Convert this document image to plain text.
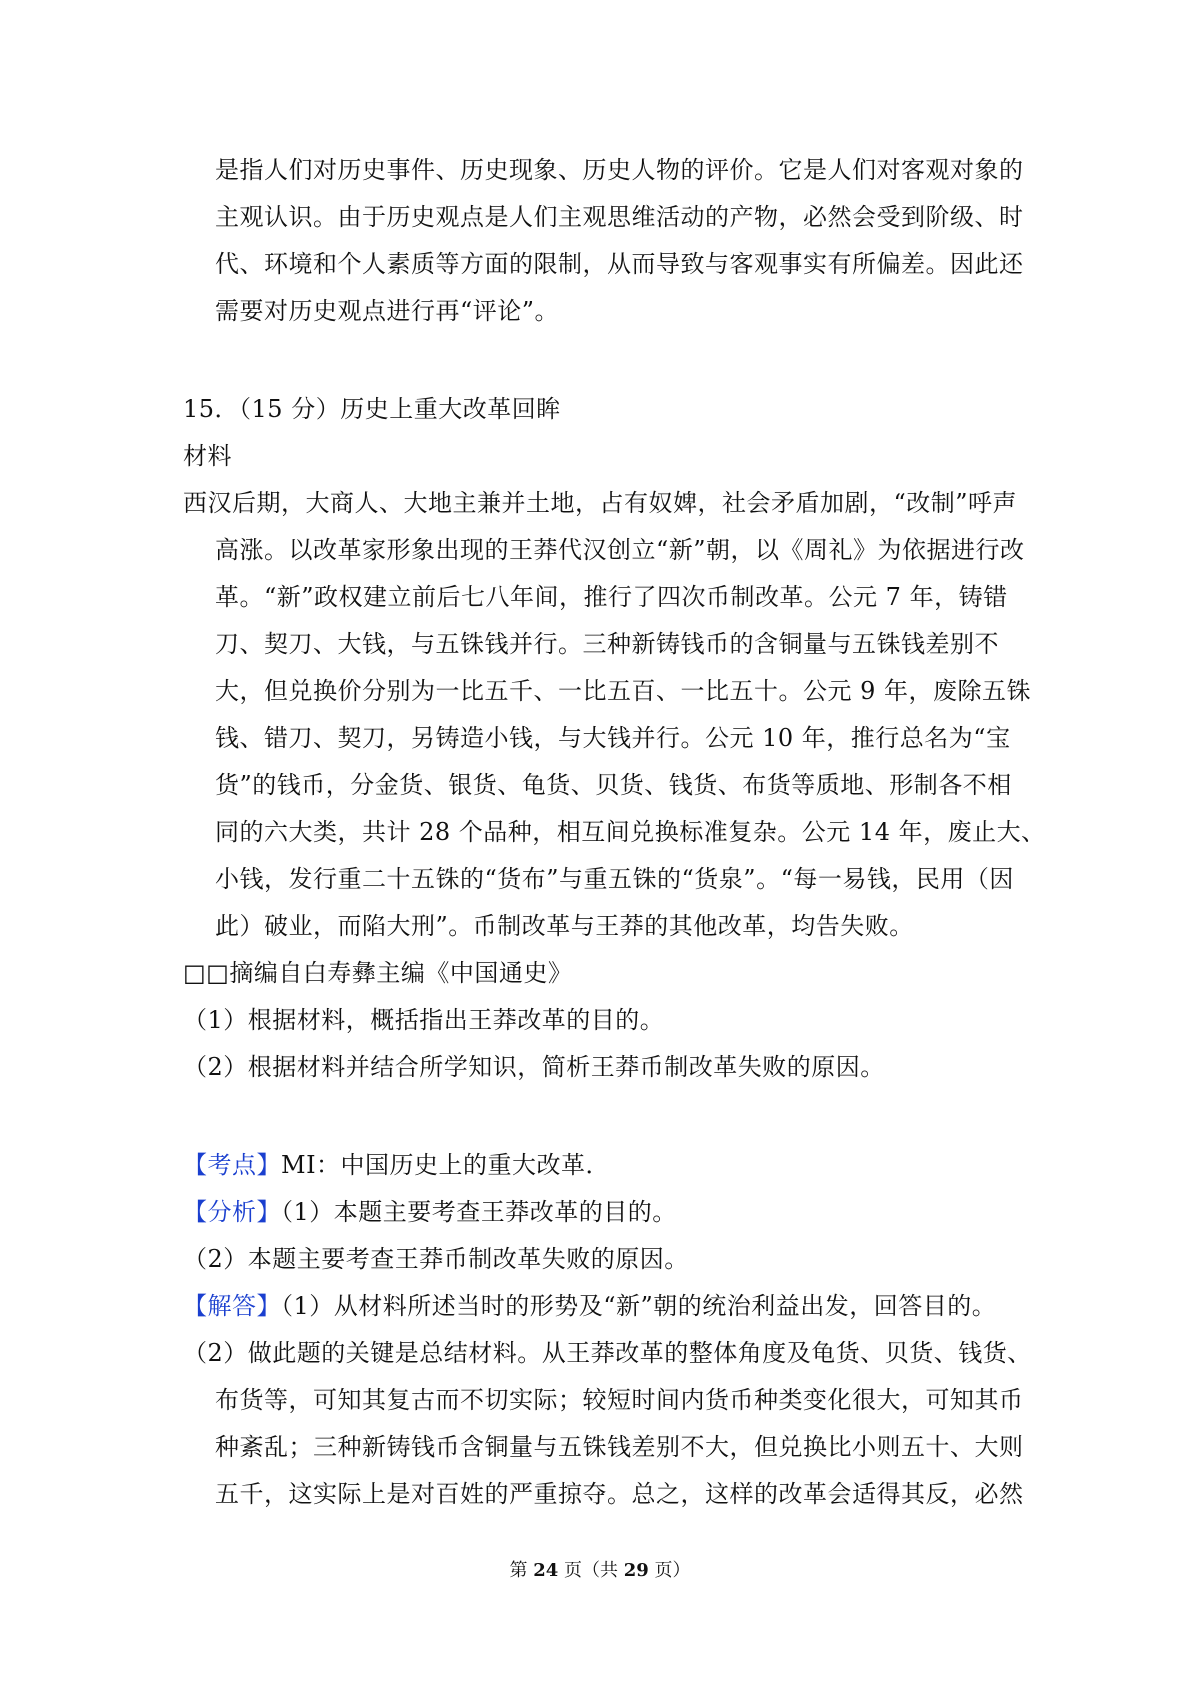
是指人们对历史事件、历史现象、历史人物的评价。它是人们对客观对象的
主观认识。由于历史观点是人们主观思维活动的产物，必然会受到阶级、时
代、环境和个人素质等方面的限制，从而导致与客观事实有所偏差。因此还
需要对历史观点进行再“评论”。
15．（15 分）历史上重大改革回眸
材料
西汉后期，大商人、大地主兼并土地，占有奴婢，社会矛盾加剧，“改制”呼声
高涨。以改革家形象出现的王莽代汉创立“新”朝，以《周礼》为依据进行改
革。“新”政权建立前后七八年间，推行了四次币制改革。公元 7 年，铸错
刀、契刀、大钱，与五铢钱并行。三种新铸钱币的含铜量与五铢钱差别不
大，但兑换价分别为一比五千、一比五百、一比五十。公元 9 年，废除五铢
钱、错刀、契刀，另铸造小钱，与大钱并行。公元 10 年，推行总名为“宝
货”的钱币，分金货、银货、龟货、贝货、钱货、布货等质地、形制各不相
同的六大类，共计 28 个品种，相互间兑换标准复杂。公元 14 年，废止大、
小钱，发行重二十五铢的“货布”与重五铢的“货泉”。“每一易钱，民用（因
此）破业，而陷大刑”。币制改革与王莽的其他改革，均告失败。
□□摘编自白寿彝主编《中国通史》
（1）根据材料，概括指出王莽改革的目的。
（2）根据材料并结合所学知识，简析王莽币制改革失败的原因。
【考点】MI：中国历史上的重大改革．
【分析】（1）本题主要考查王莽改革的目的。
（2）本题主要考查王莽币制改革失败的原因。
【解答】（1）从材料所述当时的形势及“新”朝的统治利益出发，回答目的。
（2）做此题的关键是总结材料。从王莽改革的整体角度及龟货、贝货、钱货、
布货等，可知其复古而不切实际；较短时间内货币种类变化很大，可知其币
种紊乱；三种新铸钱币含铜量与五铢钱差别不大，但兑换比小则五十、大则
五千，这实际上是对百姓的严重掠夺。总之，这样的改革会适得其反，必然
第 24 页（共 29 页）
